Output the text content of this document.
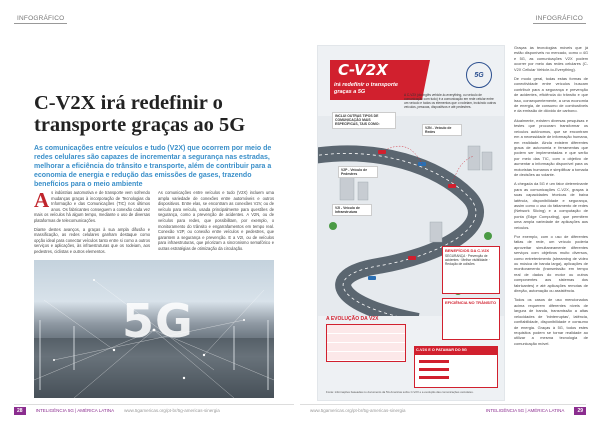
INFOGRÁFICO
C-V2X irá redefinir o transporte graças ao 5G
As comunicações entre veículos e tudo (V2X) que ocorrem por meio de redes celulares são capazes de incrementar a segurança nas estradas, melhorar a eficiência do trânsito e transporte, além de contribuir para a economia de energia e redução das emissões de gases, trazendo benefícios para o meio ambiente

As indústrias automotiva e de transporte vem sofrendo mudanças graças à incorporação de Tecnologias da Informação e das Comunicações (TIC) nos últimos anos. Os fabricantes conseguem a conexão cada vez mais os veículos há algum tempo, mediante o uso de diversas plataformas de telecomunicações.

Diante destes avanços, a graças à sua ampla difusão e massificação, as redes celulares ganham destaque como opção ideal para conectar veículos tanto entre si como a outros serviços e aplicações, às infraestruturas que os rodeiam, aos pedestres, ciclistas e outros elementos.

As comunicações entre veículos e tudo (V2X) incluem uma ampla variedade de conexões entre automóveis e outros dispositivos. Entre elas, se encontram as conexões V2V, ou de veículo para veículo, usada principalmente para questões de segurança, como a prevenção de acidentes. A V2N, ou de veículos para redes, que possibilitam, por exemplo, o monitoramento do trânsito e engarrafamentos em tempo real. Conexão V2P, ou conexão entre veículos e pedestres, que garantem a segurança e prevenção. E a V2I, ou de veículos para infraestruturas, que priorizam a sincronismo semafórico e outras estratégias de otimização da circulação.

5G
28	INTELIGÊNCIA 5G | AMÉRICA LATINA www.5gamericas.org/pt-br/5g-americas-sinergia
INFOGRÁFICO
C-V2X
irá redefinir o transporte graças a 5G
5G
A C-V2X (do inglês vehicle-to-everything, ou veículo de comunicação com tudo) é a comunicação em rede celular entre um veículo e todos os elementos que o rodeiam, incluindo outros veículos, pessoas, dispositivos e até pedestres.
INCLUI OUTRAS TIPOS DE COMUNICAÇÃO MAIS ESPECÍFICAS, TAIS COMO:
V2N - Veículo de Redes
V2I - Veículo de Infraestrutura
V2P - Veículo de Pedestres
BENEFÍCIOS DA C-V2X
SEGURANÇA · Prevenção de acidentes · Melhor visibilidade · Redução de colisões
EFICIÊNCIA NO TRÂNSITO
A EVOLUÇÃO DA V2X
C-V2X E O PATAMAR DO 5G
Fonte: informações baseadas no documento da 5G Americas sobre C-V2X e a evolução das comunicações veiculares.

Graças às tecnologias móveis que já estão disponíveis no mercado, como o 4G e 5G, as comunicações V2X podem ocorrer por meio das redes celulares (C-V2X Cellular Vehicle-to-Everything).

De modo geral, todas estas formas de conectividade entre veículos buscam contribuir para a segurança e prevenção de acidentes, eficiência do trânsito e que isso, consequentemente, a uma economia de energia, de consumo de combustíveis e da emissão de dióxido de carbono.

Atualmente, existem diversas pesquisas e testes que procuram transformar os veículos autônomos, que se encontram em a necessidade de informação humana, em realidade. Ainda existem diferentes graus de autonomia e ferramentas que podem ser implementadas e que serão por meio das TIC, com o objetivo de aumentar a informação disponível para os motoristas humanos e simplificar a tomada de decisões ao volante.

A chegada da 5G é um fator determinante para as comunicações C-V2X, graças à suas capacidades técnicas de baixa latência, disponibilidade e segurança, assim como o uso do fatiamento de redes (Network Slicing) e a computação de ponta (Edge Computing), que permitem uma ampla variedade de aplicações aos veículos.

Por exemplo, com o uso de diferentes fatias de rede, um veículo poderia aproveitar simultaneamente diferentes serviços com objetivos muito diversos, como entretenimento (streaming de vídeo ou música de banda larga), aplicações de monitoramento (transmissão em tempo real de dados do motor ou outros componentes aos sistemas dos fabricantes) e até aplicações remotas de direção, automação ou assistência.

Todos os casos de uso mencionados acima requerem diferentes níveis de largura de banda, transmissão a altas velocidades de 'ininterruptas', latência, confiabilidade, disponibilidade e consumo de energia. Graças à 5G, todos estes requisitos podem se tornar realidade ao utilizar a mesma tecnologia de comunicação móvel.

www.5gamericas.org/pt-br/5g-americas-sinergia	INTELIGÊNCIA 5G | AMÉRICA LATINA	29
